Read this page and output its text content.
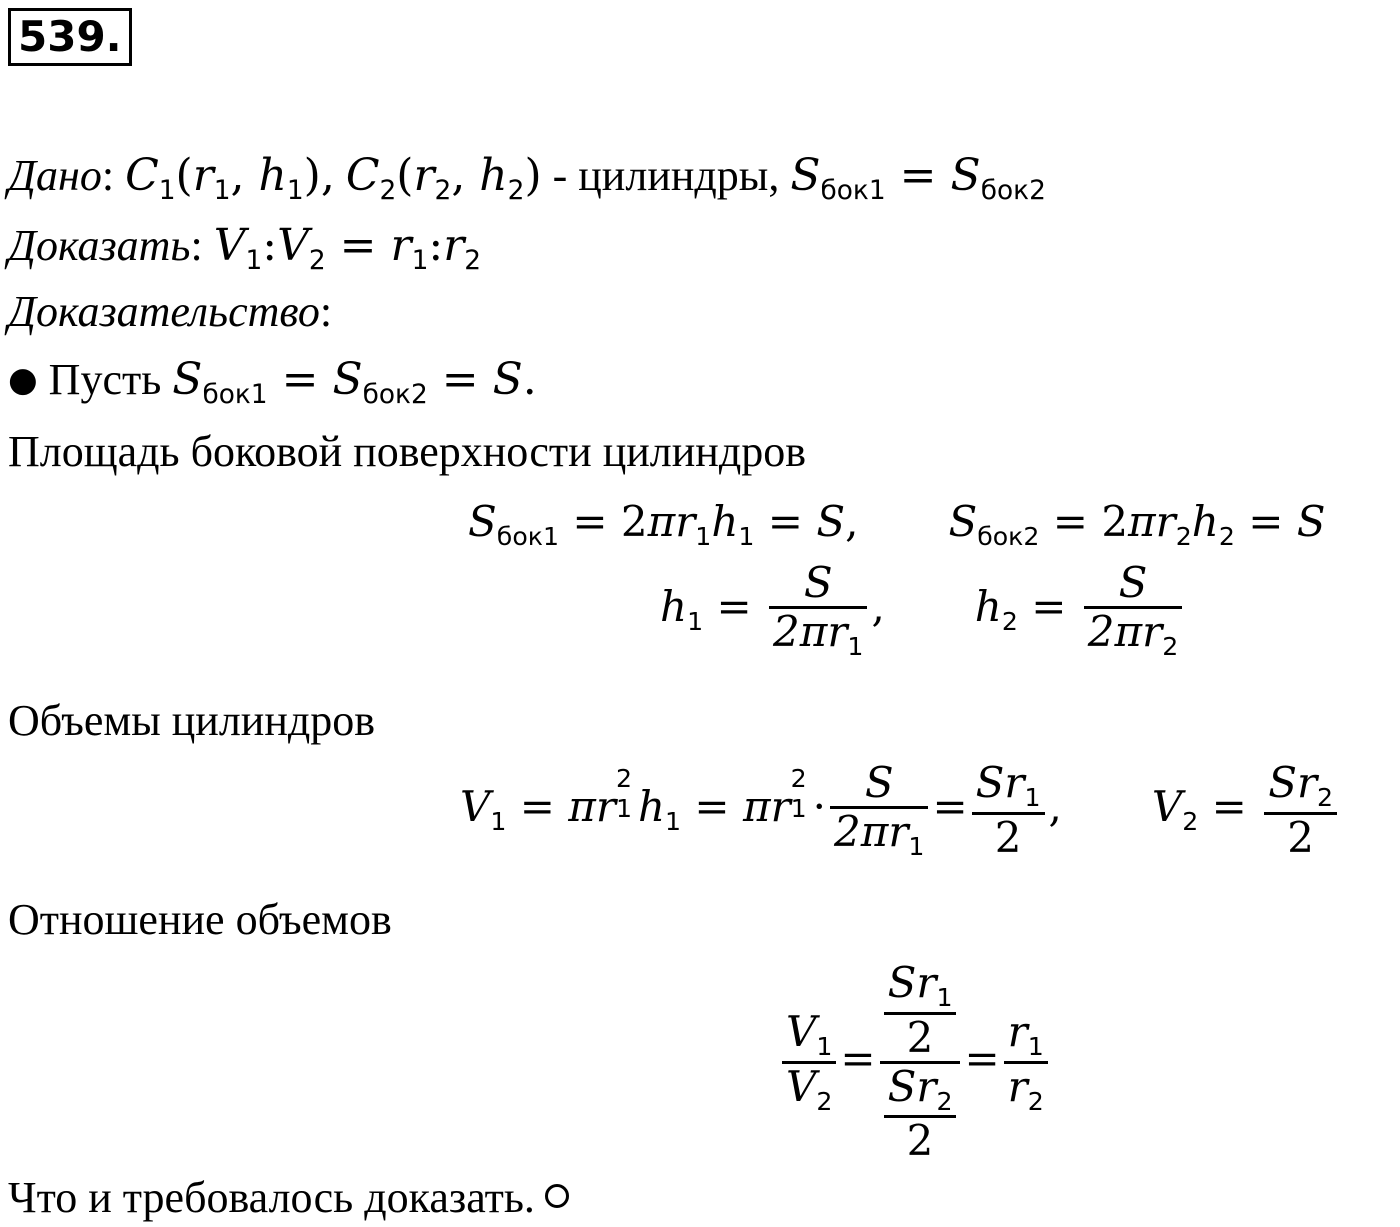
539.
Дано: $C_1(r_1$, $h_1$), $C_2(r_2$, $h_2$) - цилиндры, $S_{бок1} = S_{бок2}$
Доказать: $V_1:V_2$ = $r_1:r_2$
Доказательство:
● Пусть $S_{бок1} = S_{бок2} = S$.
Площадь боковой поверхности цилиндров
$S_{бок1} = 2\pi r_1h_1 = S$, $S_{бок2} = 2\pi r_2h_2 = S$
$h_1 = \frac{S}{2\pi r_1}$ , $h_2 = \frac{S}{2\pi r_2}$
Объемы цилиндров
$V_1 = \pi r$
2
1 $h_1 = \pi r$
2
$1 \cdot \frac{S}{2\pi r_1} = \frac{Sr_1}{2}$ , $V_2 = \frac{Sr_2}{2}$
Отношение объемов
$\frac{V_1}{V_2} = \frac{\frac{Sr_1}{2}}{\frac{Sr_2}{2}} = \frac{r_1}{r_2}$
Что и требовалось доказать.
